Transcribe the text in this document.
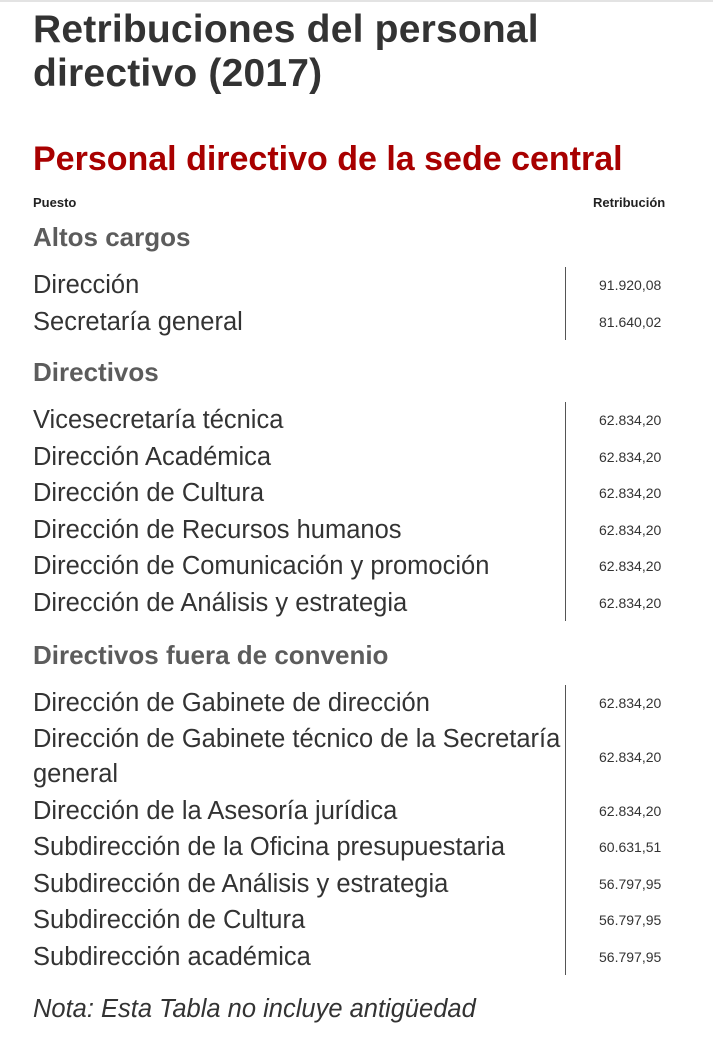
Retribuciones del personal
directivo (2017)
Personal directivo de la sede central
Puesto	Retribución
Altos cargos
Dirección	91.920,08
Secretaría general	81.640,02
Directivos
Vicesecretaría técnica	62.834,20
Dirección Académica	62.834,20
Dirección de Cultura	62.834,20
Dirección de Recursos humanos	62.834,20
Dirección de Comunicación y promoción	62.834,20
Dirección de Análisis y estrategia	62.834,20
Directivos fuera de convenio
Dirección de Gabinete de dirección	62.834,20
Dirección de Gabinete técnico de la Secretaría general
62.834,20
Dirección de la Asesoría jurídica	62.834,20
Subdirección de la Oficina presupuestaria	60.631,51
Subdirección de Análisis y estrategia	56.797,95
Subdirección de Cultura	56.797,95
Subdirección académica	56.797,95

Nota: Esta Tabla no incluye antigüedad
